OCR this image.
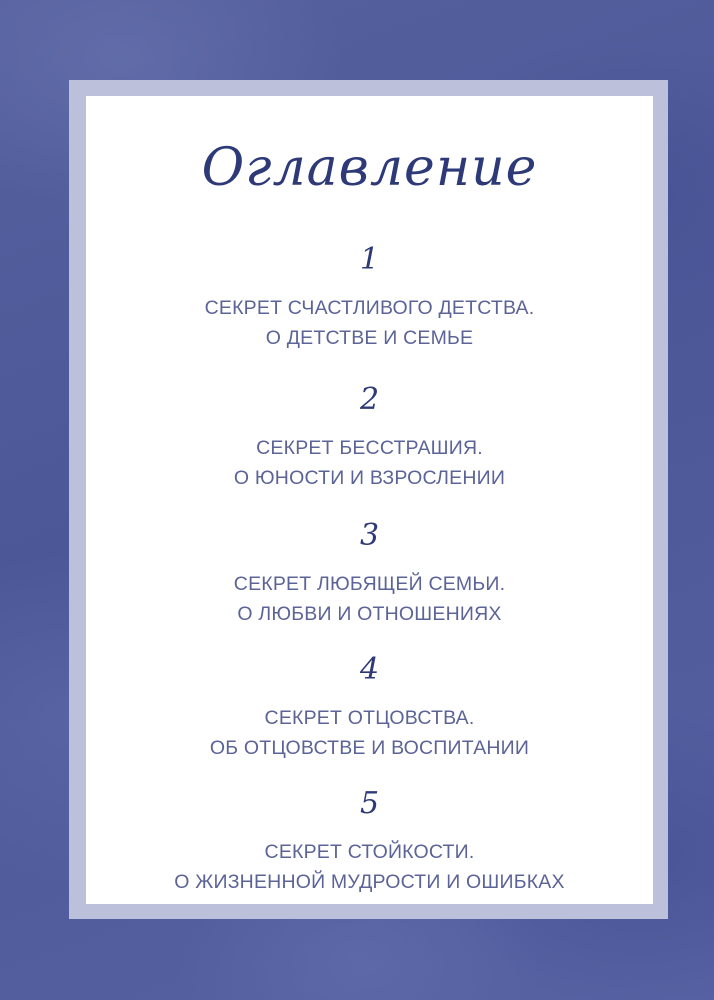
Оглавление
1
СЕКРЕТ СЧАСТЛИВОГО ДЕТСТВА.
О ДЕТСТВЕ И СЕМЬЕ
2
СЕКРЕТ БЕССТРАШИЯ.
О ЮНОСТИ И ВЗРОСЛЕНИИ
3
СЕКРЕТ ЛЮБЯЩЕЙ СЕМЬИ.
О ЛЮБВИ И ОТНОШЕНИЯХ
4
СЕКРЕТ ОТЦОВСТВА.
ОБ ОТЦОВСТВЕ И ВОСПИТАНИИ
5
СЕКРЕТ СТОЙКОСТИ.
О ЖИЗНЕННОЙ МУДРОСТИ И ОШИБКАХ
